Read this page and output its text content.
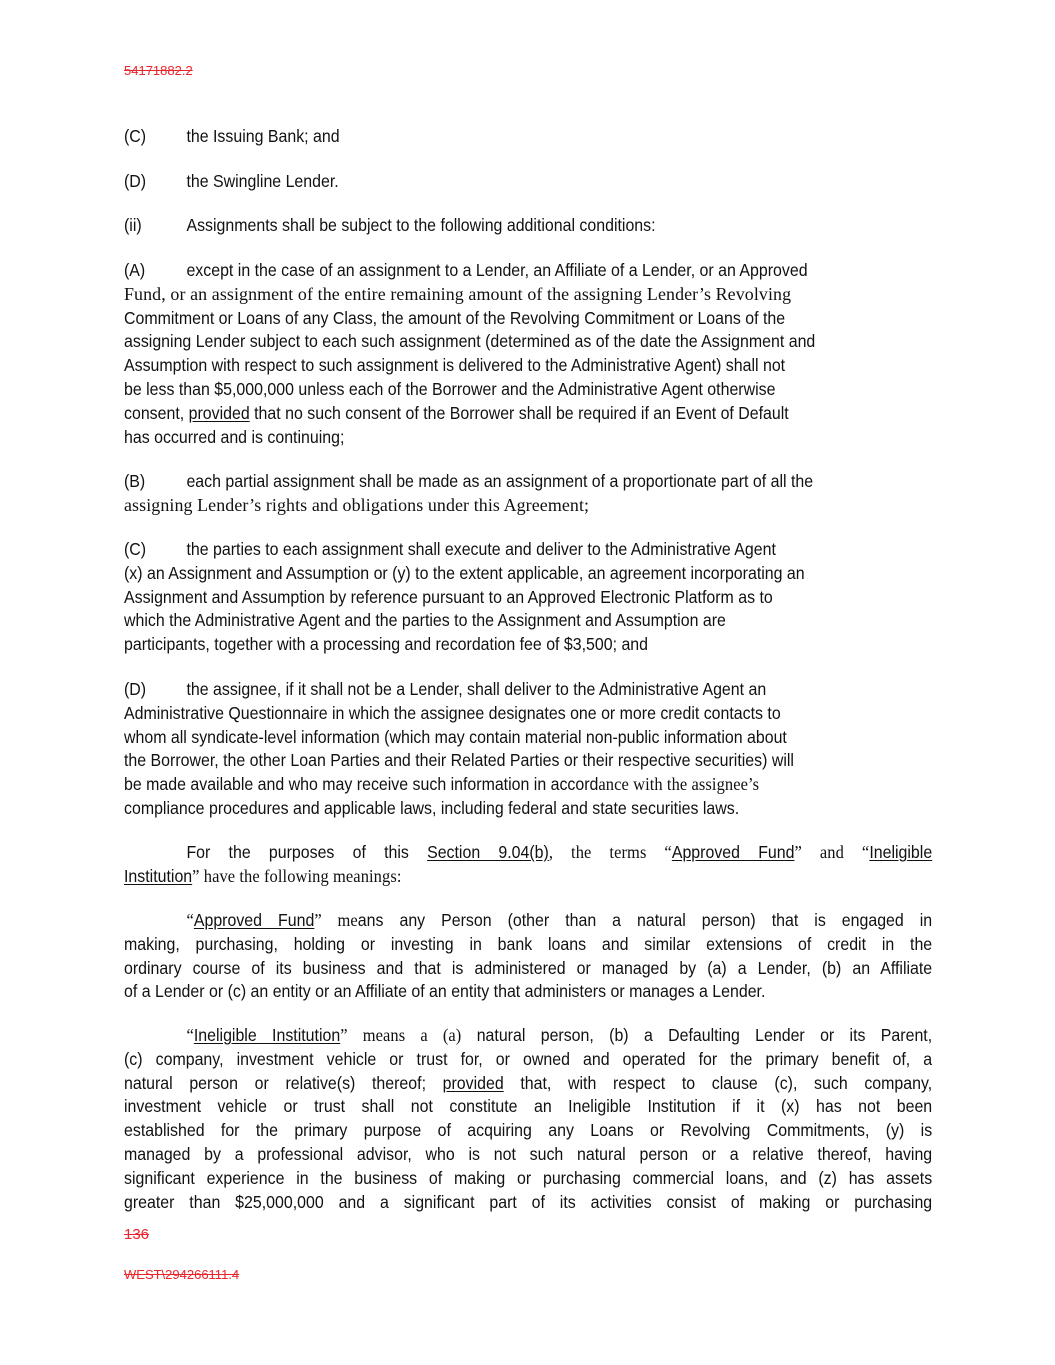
54171882.2
(C) the Issuing Bank; and
(D) the Swingline Lender.
(ii)	Assignments shall be subject to the following additional conditions:
(A) except in the case of an assignment to a Lender, an Affiliate of a Lender, or an Approved
Fund, or an assignment of the entire remaining amount of the assigning Lender’s Revolving
Commitment or Loans of any Class, the amount of the Revolving Commitment or Loans of the
assigning Lender subject to each such assignment (determined as of the date the Assignment and
Assumption with respect to such assignment is delivered to the Administrative Agent) shall not
be less than $5,000,000 unless each of the Borrower and the Administrative Agent otherwise
consent, provided that no such consent of the Borrower shall be required if an Event of Default
has occurred and is continuing;
(B) each partial assignment shall be made as an assignment of a proportionate part of all the
assigning Lender’s rights and obligations under this Agreement;
(C) the parties to each assignment shall execute and deliver to the Administrative Agent
(x) an Assignment and Assumption or (y) to the extent applicable, an agreement incorporating an
Assignment and Assumption by reference pursuant to an Approved Electronic Platform as to
which the Administrative Agent and the parties to the Assignment and Assumption are
participants, together with a processing and recordation fee of $3,500; and
(D) the assignee, if it shall not be a Lender, shall deliver to the Administrative Agent an
Administrative Questionnaire in which the assignee designates one or more credit contacts to
whom all syndicate-level information (which may contain material non-public information about
the Borrower, the other Loan Parties and their Related Parties or their respective securities) will
be made available and who may receive such information in accordance with the assignee’s
compliance procedures and applicable laws, including federal and state securities laws.
For the purposes of this Section 9.04(b), the terms “Approved Fund” and “Ineligible
Institution” have the following meanings:
“Approved Fund” means any Person (other than a natural person) that is engaged in
making, purchasing, holding or investing in bank loans and similar extensions of credit in the
ordinary course of its business and that is administered or managed by (a) a Lender, (b) an Affiliate
of a Lender or (c) an entity or an Affiliate of an entity that administers or manages a Lender.
“Ineligible Institution” means a (a) natural person, (b) a Defaulting Lender or its Parent,
(c) company, investment vehicle or trust for, or owned and operated for the primary benefit of, a
natural person or relative(s) thereof; provided that, with respect to clause (c), such company,
investment vehicle or trust shall not constitute an Ineligible Institution if it (x) has not been
established for the primary purpose of acquiring any Loans or Revolving Commitments, (y) is
managed by a professional advisor, who is not such natural person or a relative thereof, having
significant experience in the business of making or purchasing commercial loans, and (z) has assets
greater than $25,000,000 and a significant part of its activities consist of making or purchasing
136
WEST\294266111.4
